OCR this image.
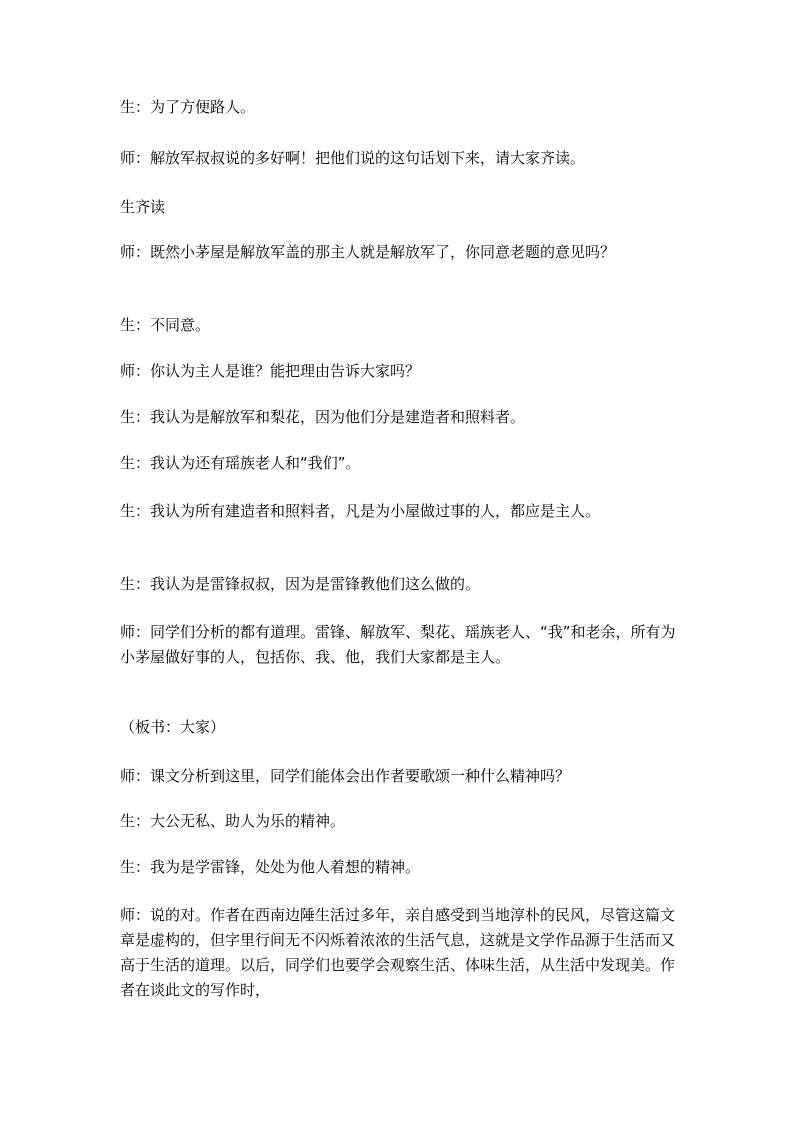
生：为了方便路人。

师：解放军叔叔说的多好啊！把他们说的这句话划下来，请大家齐读。

生齐读

师：既然小茅屋是解放军盖的那主人就是解放军了，你同意老题的意见吗？

生：不同意。

师：你认为主人是谁？能把理由告诉大家吗？

生：我认为是解放军和梨花，因为他们分是建造者和照料者。

生：我认为还有瑶族老人和“我们”。

生：我认为所有建造者和照料者，凡是为小屋做过事的人，都应是主人。

生：我认为是雷锋叔叔，因为是雷锋教他们这么做的。

师：同学们分析的都有道理。雷锋、解放军、梨花、瑶族老人、“我”和老余，所有为小茅屋做好事的人，包括你、我、他，我们大家都是主人。

（板书：大家）

师：课文分析到这里，同学们能体会出作者要歌颂一种什么精神吗？

生：大公无私、助人为乐的精神。

生：我为是学雷锋，处处为他人着想的精神。

师：说的对。作者在西南边陲生活过多年，亲自感受到当地淳朴的民风，尽管这篇文章是虚构的，但字里行间无不闪烁着浓浓的生活气息，这就是文学作品源于生活而又高于生活的道理。以后，同学们也要学会观察生活、体味生活，从生活中发现美。作者在谈此文的写作时，
